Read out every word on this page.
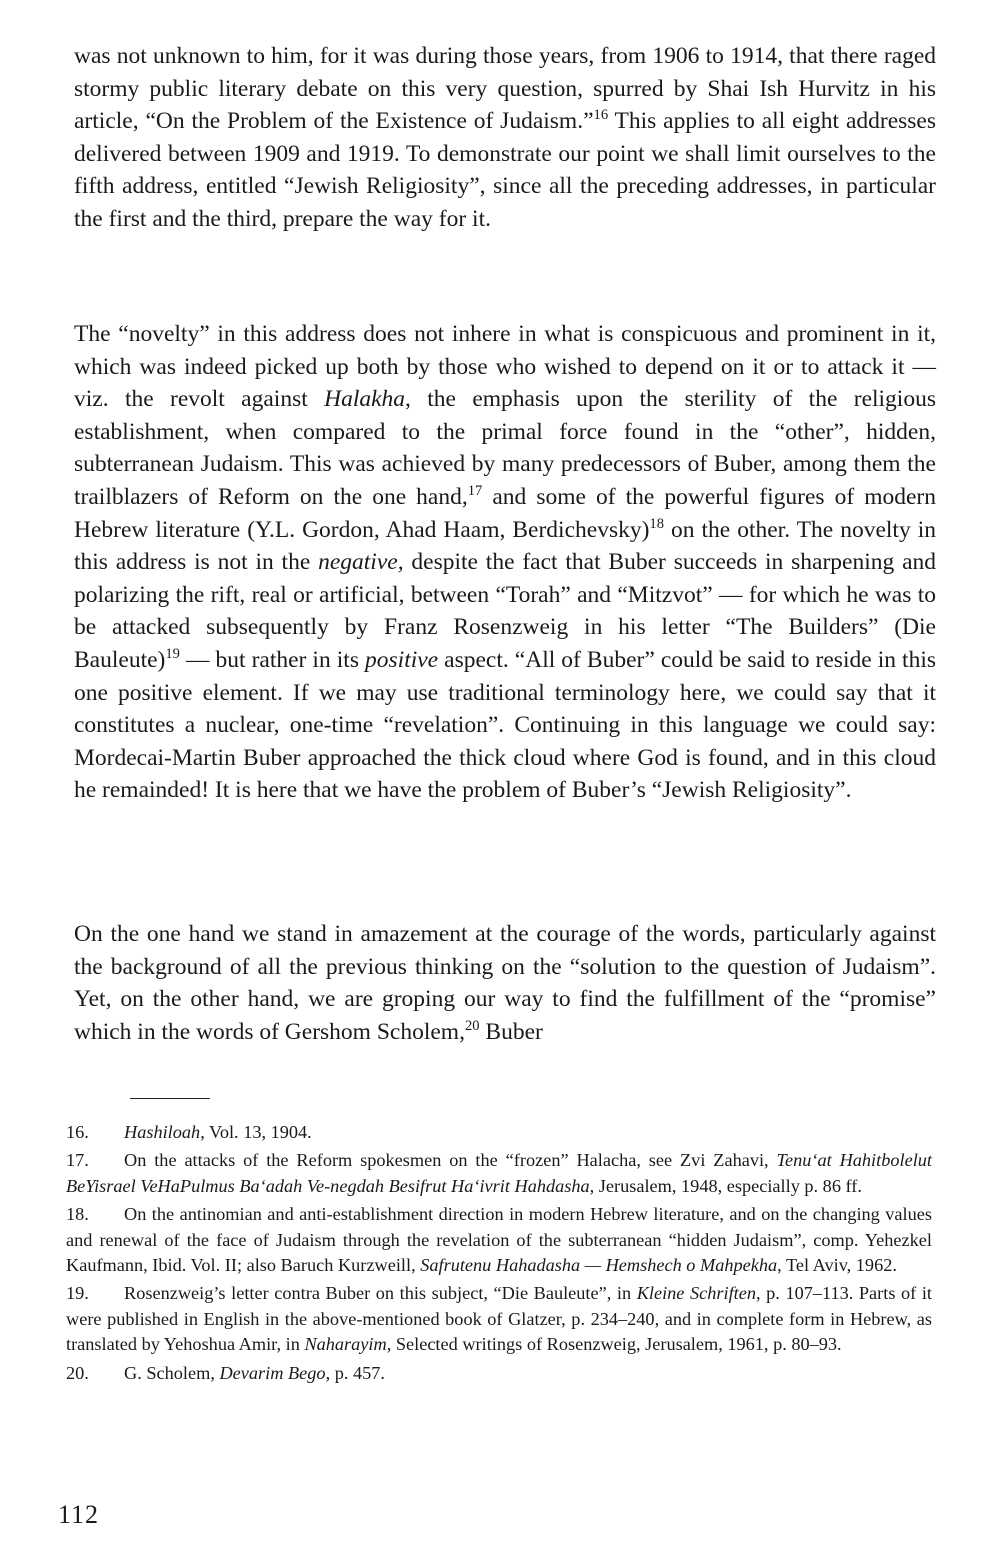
was not unknown to him, for it was during those years, from 1906 to 1914, that there raged stormy public literary debate on this very question, spurred by Shai Ish Hurvitz in his article, “On the Problem of the Existence of Judaism.”$^{16}$ This applies to all eight addresses delivered between 1909 and 1919. To demonstrate our point we shall limit ourselves to the fifth address, entitled “Jewish Religiosity”, since all the preceding addresses, in particular the first and the third, prepare the way for it.

The “novelty” in this address does not inhere in what is conspicuous and prominent in it, which was indeed picked up both by those who wished to depend on it or to attack it — viz. the revolt against Halakha, the emphasis upon the sterility of the religious establishment, when compared to the primal force found in the “other”, hidden, subterranean Judaism. This was achieved by many predecessors of Buber, among them the trailblazers of Reform on the one hand,$^{17}$ and some of the powerful figures of modern Hebrew literature (Y.L. Gordon, Ahad Haam, Berdichevsky)$^{18}$ on the other. The novelty in this address is not in the negative, despite the fact that Buber succeeds in sharpening and polarizing the rift, real or artificial, between “Torah” and “Mitzvot” — for which he was to be attacked subsequently by Franz Rosenzweig in his letter “The Builders” (Die Bauleute)$^{19}$ — but rather in its positive aspect. “All of Buber” could be said to reside in this one positive element. If we may use traditional terminology here, we could say that it constitutes a nuclear, one-time “revelation”. Continuing in this language we could say: Mordecai-Martin Buber approached the thick cloud where God is found, and in this cloud he remainded! It is here that we have the problem of Buber’s “Jewish Religiosity”.

On the one hand we stand in amazement at the courage of the words, particularly against the background of all the previous thinking on the “solution to the question of Judaism”. Yet, on the other hand, we are groping our way to find the fulfillment of the “promise” which in the words of Gershom Scholem,$^{20}$ Buber

16. Hashiloah, Vol. 13, 1904.
17. On the attacks of the Reform spokesmen on the “frozen” Halacha, see Zvi Zahavi, Tenu‘at Hahitbolelut BeYisrael VeHaPulmus Ba‘adah Ve-negdah Besifrut Ha‘ivrit Hahdasha, Jerusalem, 1948, especially p. 86 ff.
18. On the antinomian and anti-establishment direction in modern Hebrew literature, and on the changing values and renewal of the face of Judaism through the revelation of the subterranean “hidden Judaism”, comp. Yehezkel Kaufmann, Ibid. Vol. II; also Baruch Kurzweill, Safrutenu Hahadasha — Hemshech o Mahpekha, Tel Aviv, 1962.
19. Rosenzweig’s letter contra Buber on this subject, “Die Bauleute”, in Kleine Schriften, p. 107–113. Parts of it were published in English in the above-mentioned book of Glatzer, p. 234–240, and in complete form in Hebrew, as translated by Yehoshua Amir, in Naharayim, Selected writings of Rosenzweig, Jerusalem, 1961, p. 80–93.
20. G. Scholem, Devarim Bego, p. 457.
112
